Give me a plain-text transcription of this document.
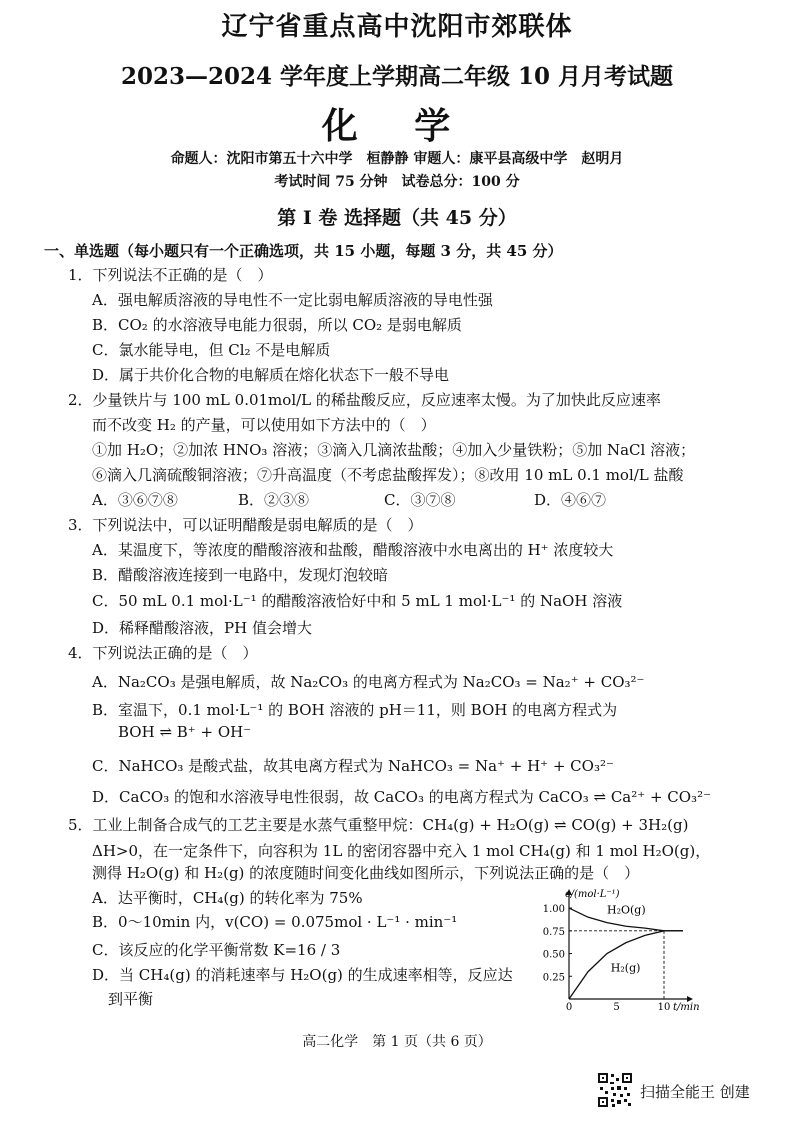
辽宁省重点高中沈阳市郊联体
2023—2024 学年度上学期高二年级 10 月月考试题
化 学
命题人：沈阳市第五十六中学　桓静静 审题人：康平县高级中学　赵明月
考试时间 75 分钟　试卷总分：100 分
第 I 卷 选择题（共 45 分）
一、单选题（每小题只有一个正确选项，共 15 小题，每题 3 分，共 45 分）
1．下列说法不正确的是（　）
A．强电解质溶液的导电性不一定比弱电解质溶液的导电性强
B．CO₂ 的水溶液导电能力很弱，所以 CO₂ 是弱电解质
C．氯水能导电，但 Cl₂ 不是电解质
D．属于共价化合物的电解质在熔化状态下一般不导电
2．少量铁片与 100 mL 0.01mol/L 的稀盐酸反应，反应速率太慢。为了加快此反应速率
而不改变 H₂ 的产量，可以使用如下方法中的（　）
①加 H₂O；②加浓 HNO₃ 溶液；③滴入几滴浓盐酸；④加入少量铁粉；⑤加 NaCl 溶液；
⑥滴入几滴硫酸铜溶液；⑦升高温度（不考虑盐酸挥发）；⑧改用 10 mL 0.1 mol/L 盐酸
A．③⑥⑦⑧	B．②③⑧	C．③⑦⑧	D．④⑥⑦
3．下列说法中，可以证明醋酸是弱电解质的是（　）
A．某温度下，等浓度的醋酸溶液和盐酸，醋酸溶液中水电离出的 H⁺ 浓度较大
B．醋酸溶液连接到一电路中，发现灯泡较暗
C．50 mL 0.1 mol·L⁻¹ 的醋酸溶液恰好中和 5 mL 1 mol·L⁻¹ 的 NaOH 溶液
D．稀释醋酸溶液，PH 值会增大
4．下列说法正确的是（　）
A．Na₂CO₃ 是强电解质，故 Na₂CO₃ 的电离方程式为 Na₂CO₃ = Na₂⁺ + CO₃²⁻
B．室温下，0.1 mol·L⁻¹ 的 BOH 溶液的 pH＝11，则 BOH 的电离方程式为
BOH ⇌ B⁺ + OH⁻
C．NaHCO₃ 是酸式盐，故其电离方程式为 NaHCO₃ = Na⁺ + H⁺ + CO₃²⁻
D．CaCO₃ 的饱和水溶液导电性很弱，故 CaCO₃ 的电离方程式为 CaCO₃ ⇌ Ca²⁺ + CO₃²⁻
5．工业上制备合成气的工艺主要是水蒸气重整甲烷：CH₄(g) + H₂O(g) ⇌ CO(g) + 3H₂(g)
ΔH>0，在一定条件下，向容积为 1L 的密闭容器中充入 1 mol CH₄(g) 和 1 mol H₂O(g)，
测得 H₂O(g) 和 H₂(g) 的浓度随时间变化曲线如图所示，下列说法正确的是（　）
A．达平衡时，CH₄(g) 的转化率为 75%
B．0～10min 内，v(CO) = 0.075mol · L⁻¹ · min⁻¹
C．该反应的化学平衡常数 K=16 / 3
D．当 CH₄(g) 的消耗速率与 H₂O(g) 的生成速率相等，反应达
到平衡
c/(mol·L⁻¹)
t/min
1.00
0.75
0.50
0.25
0	5	10
H₂O(g)
H₂(g)
高二化学　第 1 页（共 6 页）
扫描全能王 创建
